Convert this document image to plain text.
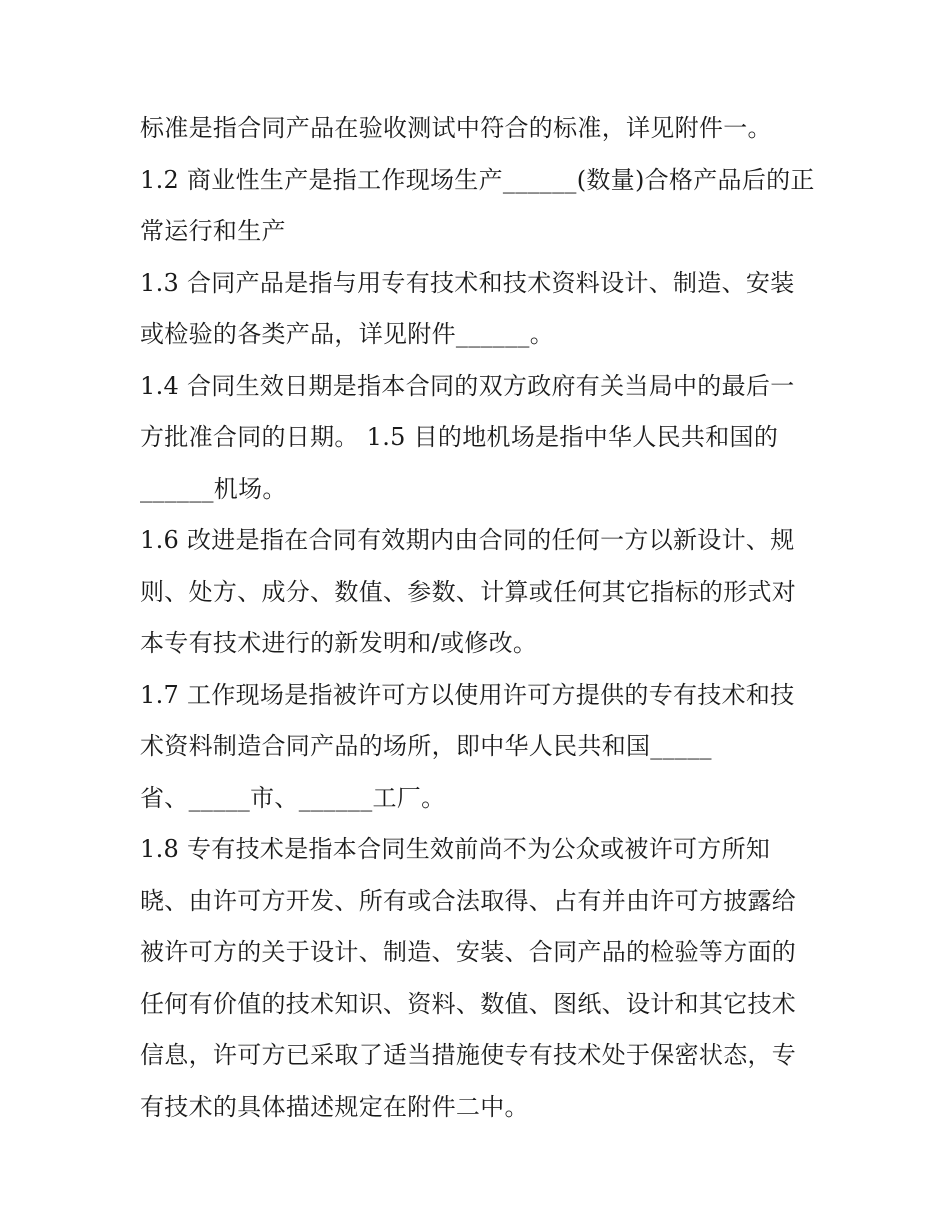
标准是指合同产品在验收测试中符合的标准，详见附件一。
1.2 商业性生产是指工作现场生产______(数量)合格产品后的正
常运行和生产
1.3 合同产品是指与用专有技术和技术资料设计、制造、安装
或检验的各类产品，详见附件______。
1.4 合同生效日期是指本合同的双方政府有关当局中的最后一
方批准合同的日期。 1.5 目的地机场是指中华人民共和国的
______机场。
1.6 改进是指在合同有效期内由合同的任何一方以新设计、规
则、处方、成分、数值、参数、计算或任何其它指标的形式对
本专有技术进行的新发明和/或修改。
1.7 工作现场是指被许可方以使用许可方提供的专有技术和技
术资料制造合同产品的场所，即中华人民共和国_____
省、_____市、______工厂。
1.8 专有技术是指本合同生效前尚不为公众或被许可方所知
晓、由许可方开发、所有或合法取得、占有并由许可方披露给
被许可方的关于设计、制造、安装、合同产品的检验等方面的
任何有价值的技术知识、资料、数值、图纸、设计和其它技术
信息，许可方已采取了适当措施使专有技术处于保密状态，专
有技术的具体描述规定在附件二中。
